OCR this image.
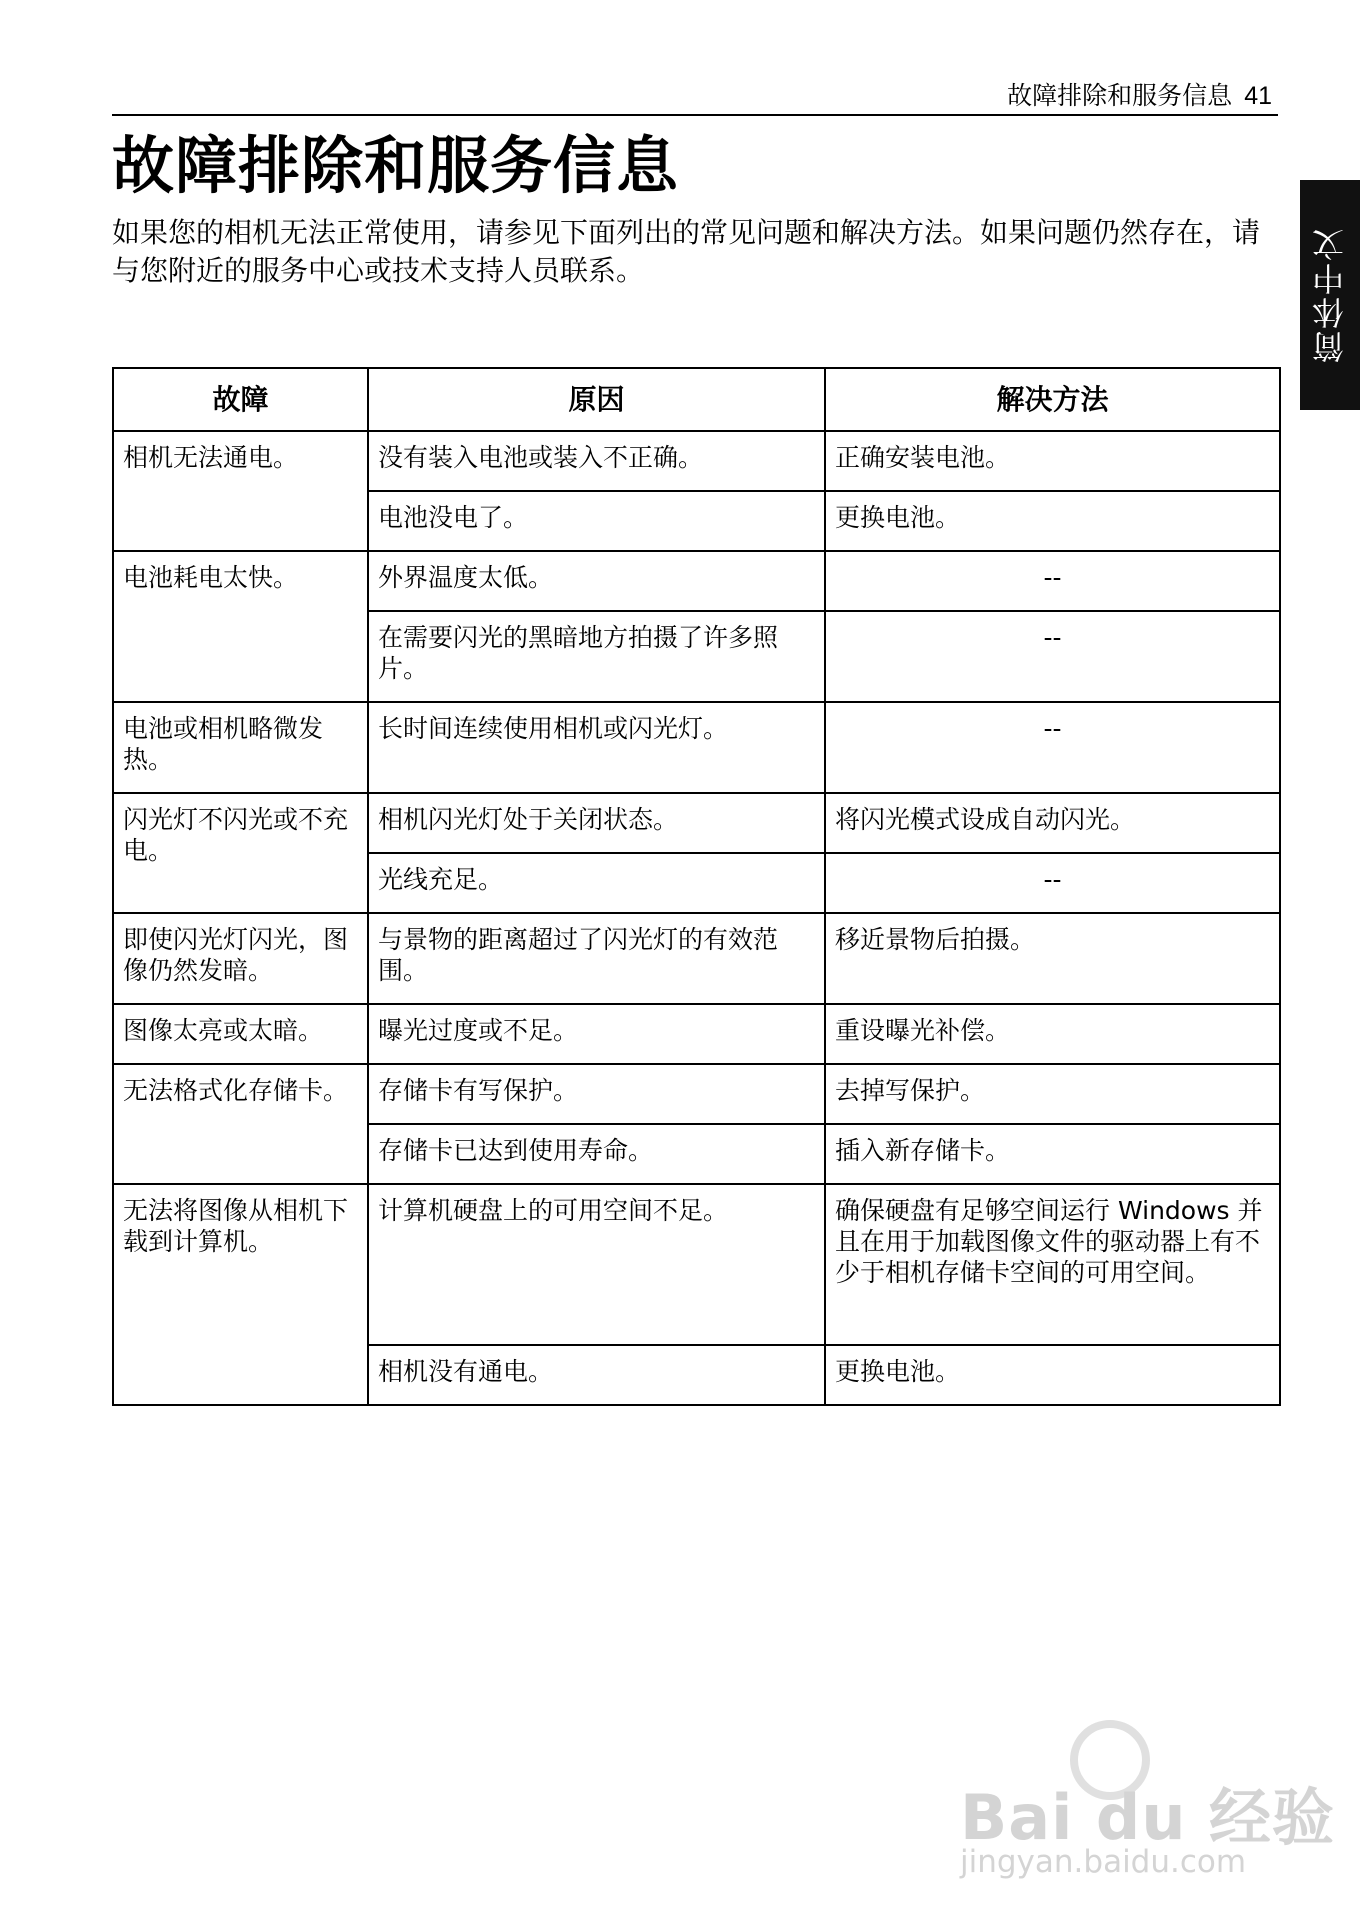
故障排除和服务信息 41
故障排除和服务信息

如果您的相机无法正常使用，请参见下面列出的常见问题和解决方法。如果问题仍然存在，请与您附近的服务中心或技术支持人员联系。	简体中文
故障	原因	解决方法
相机无法通电。	没有装入电池或装入不正确。	正确安装电池。
	电池没电了。	更换电池。
电池耗电太快。	外界温度太低。	--
	在需要闪光的黑暗地方拍摄了许多照片。	--
电池或相机略微发热。	长时间连续使用相机或闪光灯。	--
闪光灯不闪光或不充电。	相机闪光灯处于关闭状态。	将闪光模式设成自动闪光。
	光线充足。	--
即使闪光灯闪光，图像仍然发暗。	与景物的距离超过了闪光灯的有效范围。	移近景物后拍摄。
图像太亮或太暗。	曝光过度或不足。	重设曝光补偿。
无法格式化存储卡。	存储卡有写保护。	去掉写保护。
	存储卡已达到使用寿命。	插入新存储卡。
无法将图像从相机下载到计算机。	计算机硬盘上的可用空间不足。	确保硬盘有足够空间运行 Windows 并且在用于加载图像文件的驱动器上有不少于相机存储卡空间的可用空间。
	相机没有通电。	更换电池。
Bai du 经验
jingyan.baidu.com
